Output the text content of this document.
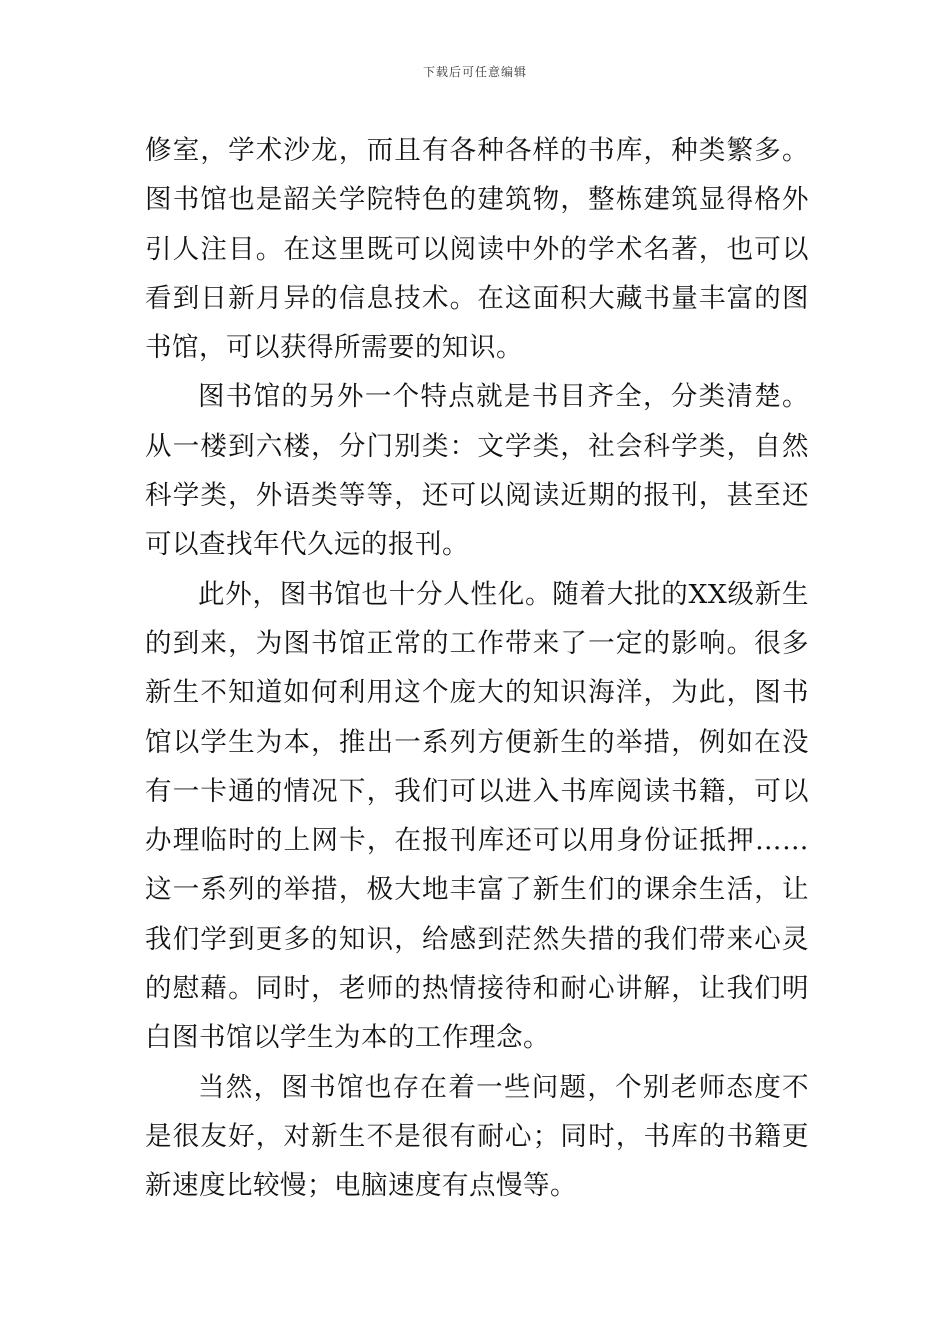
下载后可任意编辑

修室，学术沙龙，而且有各种各样的书库，种类繁多。图书馆也是韶关学院特色的建筑物，整栋建筑显得格外引人注目。在这里既可以阅读中外的学术名著，也可以看到日新月异的信息技术。在这面积大藏书量丰富的图书馆，可以获得所需要的知识。

图书馆的另外一个特点就是书目齐全，分类清楚。从一楼到六楼，分门别类：文学类，社会科学类，自然科学类，外语类等等，还可以阅读近期的报刊，甚至还可以查找年代久远的报刊。

此外，图书馆也十分人性化。随着大批的XX级新生的到来，为图书馆正常的工作带来了一定的影响。很多新生不知道如何利用这个庞大的知识海洋，为此，图书馆以学生为本，推出一系列方便新生的举措，例如在没有一卡通的情况下，我们可以进入书库阅读书籍，可以办理临时的上网卡，在报刊库还可以用身份证抵押……这一系列的举措，极大地丰富了新生们的课余生活，让我们学到更多的知识，给感到茫然失措的我们带来心灵的慰藉。同时，老师的热情接待和耐心讲解，让我们明白图书馆以学生为本的工作理念。

当然，图书馆也存在着一些问题，个别老师态度不是很友好，对新生不是很有耐心；同时，书库的书籍更新速度比较慢；电脑速度有点慢等。
